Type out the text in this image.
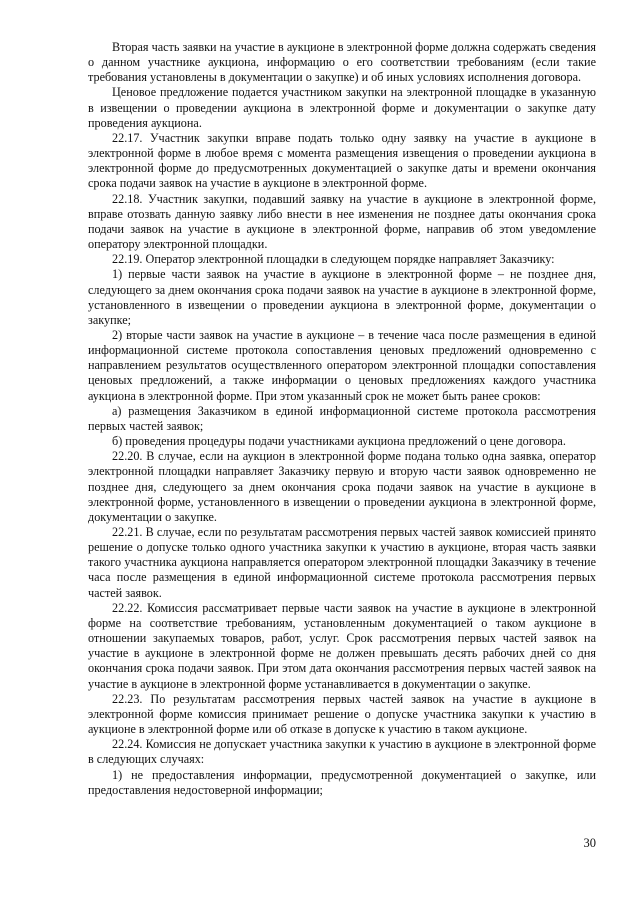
Вторая часть заявки на участие в аукционе в электронной форме должна содержать сведения о данном участнике аукциона, информацию о его соответствии требованиям (если такие требования установлены в документации о закупке) и об иных условиях исполнения договора.

Ценовое предложение подается участником закупки на электронной площадке в указанную в извещении о проведении аукциона в электронной форме и документации о закупке дату проведения аукциона.

22.17. Участник закупки вправе подать только одну заявку на участие в аукционе в электронной форме в любое время с момента размещения извещения о проведении аукциона в электронной форме до предусмотренных документацией о закупке даты и времени окончания срока подачи заявок на участие в аукционе в электронной форме.

22.18. Участник закупки, подавший заявку на участие в аукционе в электронной форме, вправе отозвать данную заявку либо внести в нее изменения не позднее даты окончания срока подачи заявок на участие в аукционе в электронной форме, направив об этом уведомление оператору электронной площадки.

22.19. Оператор электронной площадки в следующем порядке направляет Заказчику:

1) первые части заявок на участие в аукционе в электронной форме – не позднее дня, следующего за днем окончания срока подачи заявок на участие в аукционе в электронной форме, установленного в извещении о проведении аукциона в электронной форме, документации о закупке;

2) вторые части заявок на участие в аукционе – в течение часа после размещения в единой информационной системе протокола сопоставления ценовых предложений одновременно с направлением результатов осуществленного оператором электронной площадки сопоставления ценовых предложений, а также информации о ценовых предложениях каждого участника аукциона в электронной форме. При этом указанный срок не может быть ранее сроков:

а) размещения Заказчиком в единой информационной системе протокола рассмотрения первых частей заявок;

б) проведения процедуры подачи участниками аукциона предложений о цене договора.

22.20. В случае, если на аукцион в электронной форме подана только одна заявка, оператор электронной площадки направляет Заказчику первую и вторую части заявок одновременно не позднее дня, следующего за днем окончания срока подачи заявок на участие в аукционе в электронной форме, установленного в извещении о проведении аукциона в электронной форме, документации о закупке.

22.21. В случае, если по результатам рассмотрения первых частей заявок комиссией принято решение о допуске только одного участника закупки к участию в аукционе, вторая часть заявки такого участника аукциона направляется оператором электронной площадки Заказчику в течение часа после размещения в единой информационной системе протокола рассмотрения первых частей заявок.

22.22. Комиссия рассматривает первые части заявок на участие в аукционе в электронной форме на соответствие требованиям, установленным документацией о таком аукционе в отношении закупаемых товаров, работ, услуг. Срок рассмотрения первых частей заявок на участие в аукционе в электронной форме не должен превышать десять рабочих дней со дня окончания срока подачи заявок. При этом дата окончания рассмотрения первых частей заявок на участие в аукционе в электронной форме устанавливается в документации о закупке.

22.23. По результатам рассмотрения первых частей заявок на участие в аукционе в электронной форме комиссия принимает решение о допуске участника закупки к участию в аукционе в электронной форме или об отказе в допуске к участию в таком аукционе.

22.24. Комиссия не допускает участника закупки к участию в аукционе в электронной форме в следующих случаях:

1) не предоставления информации, предусмотренной документацией о закупке, или предоставления недостоверной информации;

30
